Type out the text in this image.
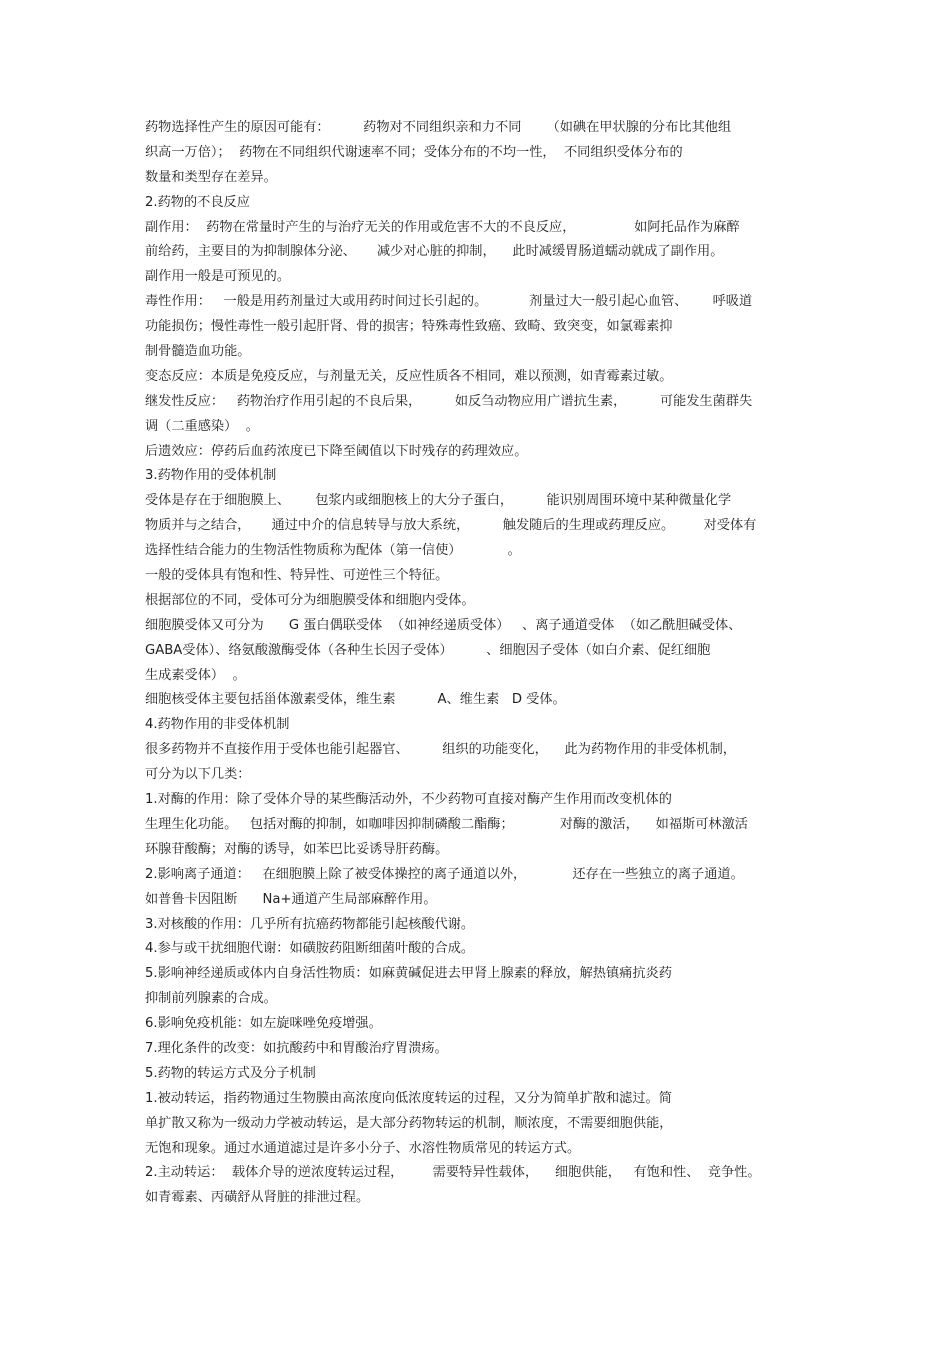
药物选择性产生的原因可能有：        药物对不同组织亲和力不同      （如碘在甲状腺的分布比其他组
织高一万倍）；  药物在不同组织代谢速率不同；受体分布的不均一性，  不同组织受体分布的
数量和类型存在差异。
2.药物的不良反应
副作用：  药物在常量时产生的与治疗无关的作用或危害不大的不良反应，              如阿托品作为麻醉
前给药，主要目的为抑制腺体分泌、     减少对心脏的抑制，    此时减缓胃肠道蠕动就成了副作用。
副作用一般是可预见的。
毒性作用：   一般是用药剂量过大或用药时间过长引起的。          剂量过大一般引起心血管、      呼吸道
功能损伤；慢性毒性一般引起肝肾、骨的损害；特殊毒性致癌、致畸、致突变，如氯霉素抑
制骨髓造血功能。
变态反应：本质是免疫反应，与剂量无关，反应性质各不相同，难以预测，如青霉素过敏。
继发性反应：   药物治疗作用引起的不良后果，        如反刍动物应用广谱抗生素，        可能发生菌群失
调（二重感染）  。
后遗效应：停药后血药浓度已下降至阈值以下时残存的药理效应。
3.药物作用的受体机制
受体是存在于细胞膜上、      包浆内或细胞核上的大分子蛋白，        能识别周围环境中某种微量化学
物质并与之结合，     通过中介的信息转导与放大系统，        触发随后的生理或药理反应。       对受体有
选择性结合能力的生物活性物质称为配体（第一信使）           。
一般的受体具有饱和性、特异性、可逆性三个特征。
根据部位的不同，受体可分为细胞膜受体和细胞内受体。
细胞膜受体又可分为      G 蛋白偶联受体  （如神经递质受体）   、离子通道受体  （如乙酰胆碱受体、
GABA受体）、络氨酸激酶受体（各种生长因子受体）        、细胞因子受体（如白介素、促红细胞
生成素受体）  。
细胞核受体主要包括甾体激素受体，维生素          A、维生素   D 受体。
4.药物作用的非受体机制
很多药物并不直接作用于受体也能引起器官、        组织的功能变化，    此为药物作用的非受体机制，
可分为以下几类：
1.对酶的作用：除了受体介导的某些酶活动外，不少药物可直接对酶产生作用而改变机体的
生理生化功能。   包括对酶的抑制，如咖啡因抑制磷酸二酯酶；           对酶的激活，    如福斯可林激活
环腺苷酸酶；对酶的诱导，如苯巴比妥诱导肝药酶。
2.影响离子通道：   在细胞膜上除了被受体操控的离子通道以外，           还存在一些独立的离子通道。
如普鲁卡因阻断      Na+通道产生局部麻醉作用。
3.对核酸的作用：几乎所有抗癌药物都能引起核酸代谢。
4.参与或干扰细胞代谢：如磺胺药阻断细菌叶酸的合成。
5.影响神经递质或体内自身活性物质：如麻黄碱促进去甲肾上腺素的释放，解热镇痛抗炎药
抑制前列腺素的合成。
6.影响免疫机能：如左旋咪唑免疫增强。
7.理化条件的改变：如抗酸药中和胃酸治疗胃溃疡。
5.药物的转运方式及分子机制
1.被动转运，指药物通过生物膜由高浓度向低浓度转运的过程，又分为简单扩散和滤过。简
单扩散又称为一级动力学被动转运，是大部分药物转运的机制，顺浓度，不需要细胞供能，
无饱和现象。通过水通道滤过是许多小分子、水溶性物质常见的转运方式。
2.主动转运：  载体介导的逆浓度转运过程，       需要特异性载体，    细胞供能，   有饱和性、  竞争性。
如青霉素、丙磺舒从肾脏的排泄过程。
